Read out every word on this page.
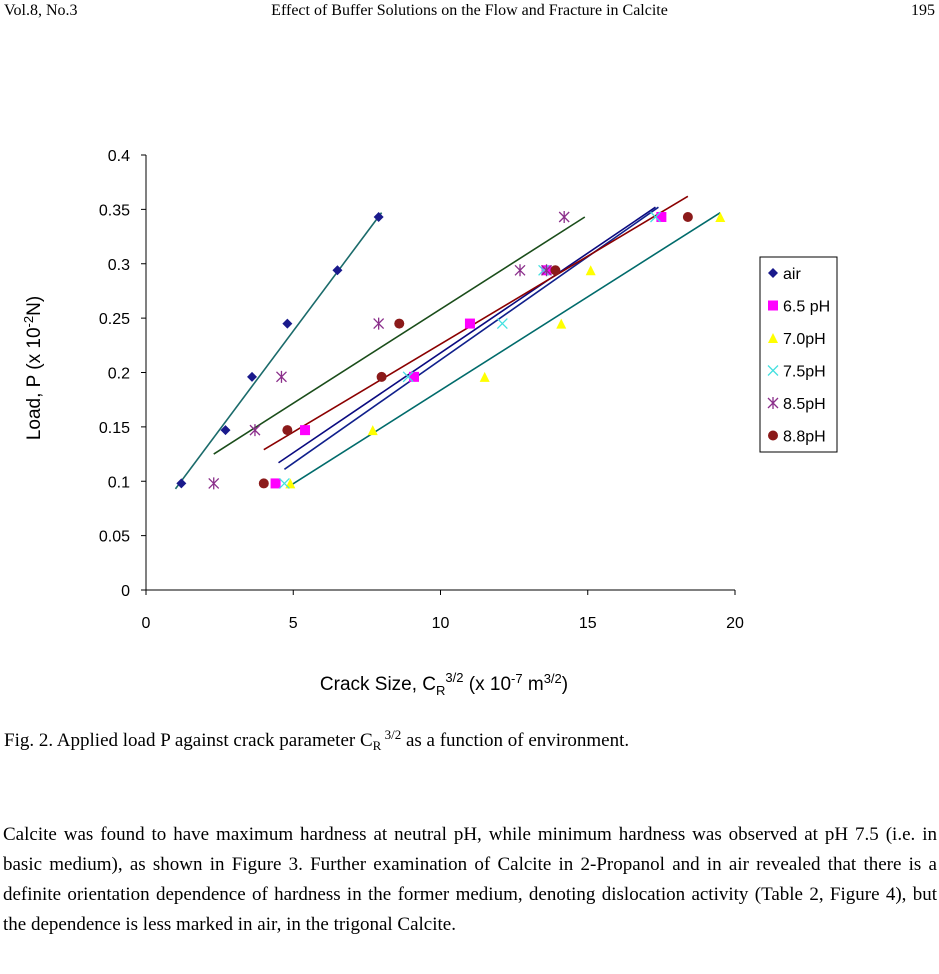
Vol.8, No.3	Effect of Buffer Solutions on the Flow and Fracture in Calcite	195
0
0.05
0.1
0.15
0.2
0.25
0.3
0.35
0.4
0	5	10	15	20
Crack Size, $C_R^{3/2}$ (x $10^{-7}$ $m^{3/2}$)
Load, P (x $10^{-2}N$)
air
6.5 pH
7.0pH
7.5pH
8.5pH
8.8pH
Fig. 2. Applied load P against crack parameter $C_R$ $^{3/2}$ as a function of environment.
Calcite was found to have maximum hardness at neutral pH, while minimum hardness was observed at pH 7.5 (i.e. in basic medium), as shown in Figure 3. Further examination of Calcite in 2-Propanol and in air revealed that there is a definite orientation dependence of hardness in the former medium, denoting dislocation activity (Table 2, Figure 4), but the dependence is less marked in air, in the trigonal Calcite.
